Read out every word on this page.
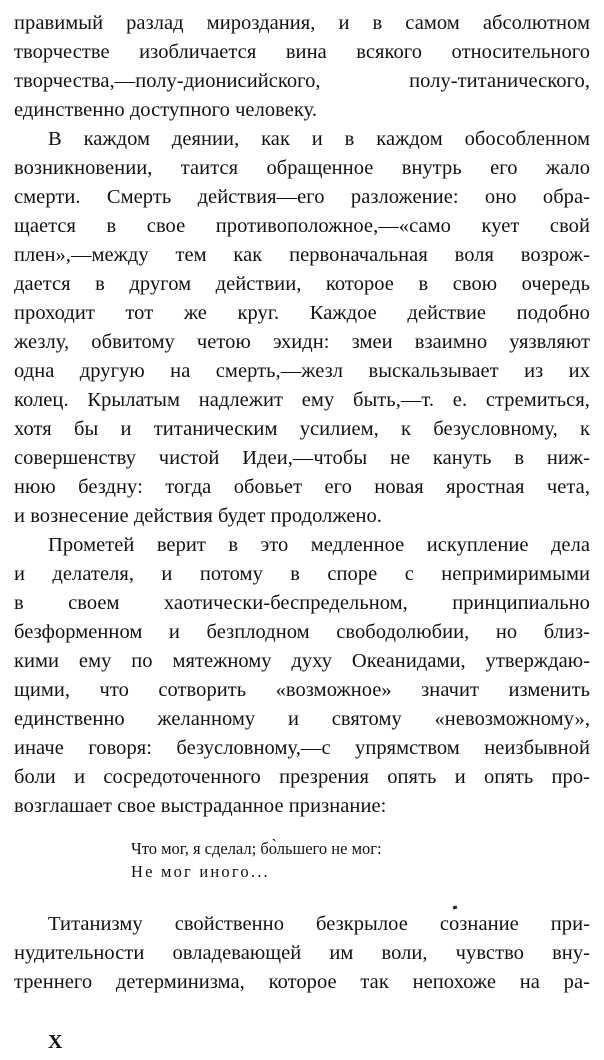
правимый разлад мироздания, и в самом абсолютном
творчестве изобличается вина всякого относительного
творчества,—полу-дионисийского, полу-титанического,
единственно доступного человеку.
В каждом деянии, как и в каждом обособленном
возникновении, таится обращенное внутрь его жало
смерти. Смерть действия—его разложение: оно обра-
щается в свое противоположное,—«само кует свой
плен»,—между тем как первоначальная воля возрож-
дается в другом действии, которое в свою очередь
проходит тот же круг. Каждое действие подобно
жезлу, обвитому четою эхидн: змеи взаимно уязвляют
одна другую на смерть,—жезл выскальзывает из их
колец. Крылатым надлежит ему быть,—т. е. стремиться,
хотя бы и титаническим усилием, к безусловному, к
совершенству чистой Идеи,—чтобы не кануть в ниж-
нюю бездну: тогда обовьет его новая яростная чета,
и вознесение действия будет продолжено.
Прометей верит в это медленное искупление дела
и делателя, и потому в споре с непримиримыми
в своем хаотически-беспредельном, принципиально
безформенном и безплодном свободолюбии, но близ-
кими ему по мятежному духу Океанидами, утверждаю-
щими, что сотворить «возможное» значит изменить
единственно желанному и святому «невозможному»,
иначе говоря: безусловному,—с упрямством неизбывной
боли и сосредоточенного презрения опять и опять про-
возглашает свое выстраданное признание:
Что мог, я сделал; бо̀льшего не мог:
Не мог иного...
Титанизму свойственно безкрылое сознание при-
нудительности овладевающей им воли, чувство вну-
треннего детерминизма, которое так непохоже на ра-
X
